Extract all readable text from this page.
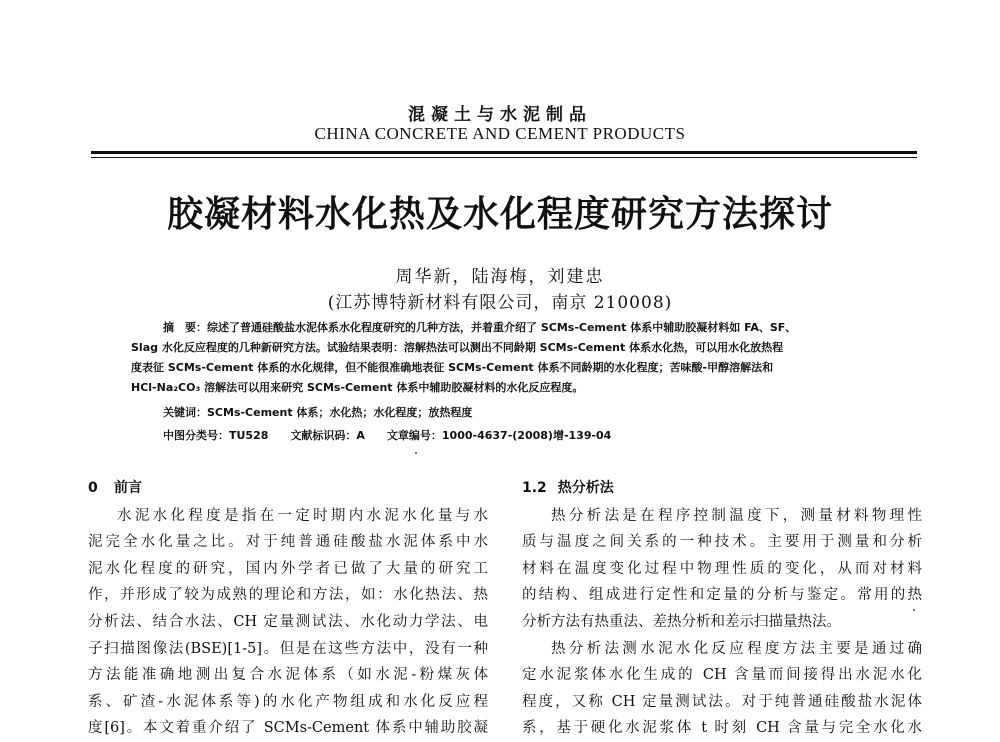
混凝土与水泥制品
CHINA CONCRETE AND CEMENT PRODUCTS
胶凝材料水化热及水化程度研究方法探讨
周华新，陆海梅，刘建忠
(江苏博特新材料有限公司，南京 210008)
摘　要：综述了普通硅酸盐水泥体系水化程度研究的几种方法，并着重介绍了 SCMs-Cement 体系中辅助胶凝材料如 FA、SF、
Slag 水化反应程度的几种新研究方法。试验结果表明：溶解热法可以测出不同龄期 SCMs-Cement 体系水化热，可以用水化放热程
度表征 SCMs-Cement 体系的水化规律，但不能很准确地表征 SCMs-Cement 体系不同龄期的水化程度；苦味酸-甲醇溶解法和
HCl-Na₂CO₃ 溶解法可以用来研究 SCMs-Cement 体系中辅助胶凝材料的水化反应程度。
关键词：SCMs-Cement 体系；水化热；水化程度；放热程度
中图分类号：TU528　　文献标识码：A　　文章编号：1000-4637-(2008)增-139-04
0 前言
水泥水化程度是指在一定时期内水泥水化量与水
泥完全水化量之比。对于纯普通硅酸盐水泥体系中水
泥水化程度的研究，国内外学者已做了大量的研究工
作，并形成了较为成熟的理论和方法，如：水化热法、热
分析法、结合水法、CH 定量测试法、水化动力学法、电
子扫描图像法(BSE)[1-5]。但是在这些方法中，没有一种
方法能准确地测出复合水泥体系（如水泥-粉煤灰体
系、矿渣-水泥体系等)的水化产物组成和水化反应程
度[6]。本文着重介绍了 SCMs-Cement 体系中辅助胶凝
1.2 热分析法
热分析法是在程序控制温度下，测量材料物理性
质与温度之间关系的一种技术。主要用于测量和分析
材料在温度变化过程中物理性质的变化，从而对材料
的结构、组成进行定性和定量的分析与鉴定。常用的热
分析方法有热重法、差热分析和差示扫描量热法。
热分析法测水泥水化反应程度方法主要是通过确
定水泥浆体水化生成的 CH 含量而间接得出水泥水化
程度，又称 CH 定量测试法。对于纯普通硅酸盐水泥体
系，基于硬化水泥浆体 t 时刻 CH 含量与完全水化水
